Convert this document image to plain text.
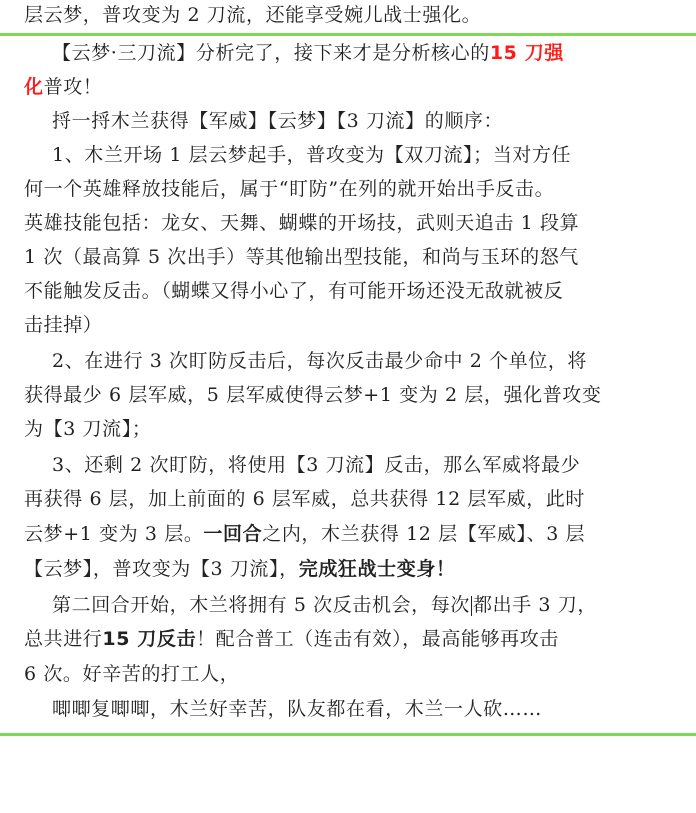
层云梦，普攻变为 2 刀流，还能享受婉儿战士强化。
【云梦·三刀流】分析完了，接下来才是分析核心的15 刀强
化普攻！
捋一捋木兰获得【军威】【云梦】【3 刀流】的顺序：
1、木兰开场 1 层云梦起手，普攻变为【双刀流】；当对方任
何一个英雄释放技能后，属于“盯防”在列的就开始出手反击。
英雄技能包括：龙女、天舞、蝴蝶的开场技，武则天追击 1 段算
1 次（最高算 5 次出手）等其他输出型技能，和尚与玉环的怒气
不能触发反击。（蝴蝶又得小心了，有可能开场还没无敌就被反
击挂掉）
2、在进行 3 次盯防反击后，每次反击最少命中 2 个单位，将
获得最少 6 层军威，5 层军威使得云梦+1 变为 2 层，强化普攻变
为【3 刀流】；
3、还剩 2 次盯防，将使用【3 刀流】反击，那么军威将最少
再获得 6 层，加上前面的 6 层军威，总共获得 12 层军威，此时
云梦+1 变为 3 层。一回合之内，木兰获得 12 层【军威】、3 层
【云梦】，普攻变为【3 刀流】，完成狂战士变身！
第二回合开始，木兰将拥有 5 次反击机会，每次 都出手 3 刀，
总共进行15 刀反击！配合普工（连击有效），最高能够再攻击
6 次。好辛苦的打工人，
唧唧复唧唧，木兰好幸苦，队友都在看，木兰一人砍……
